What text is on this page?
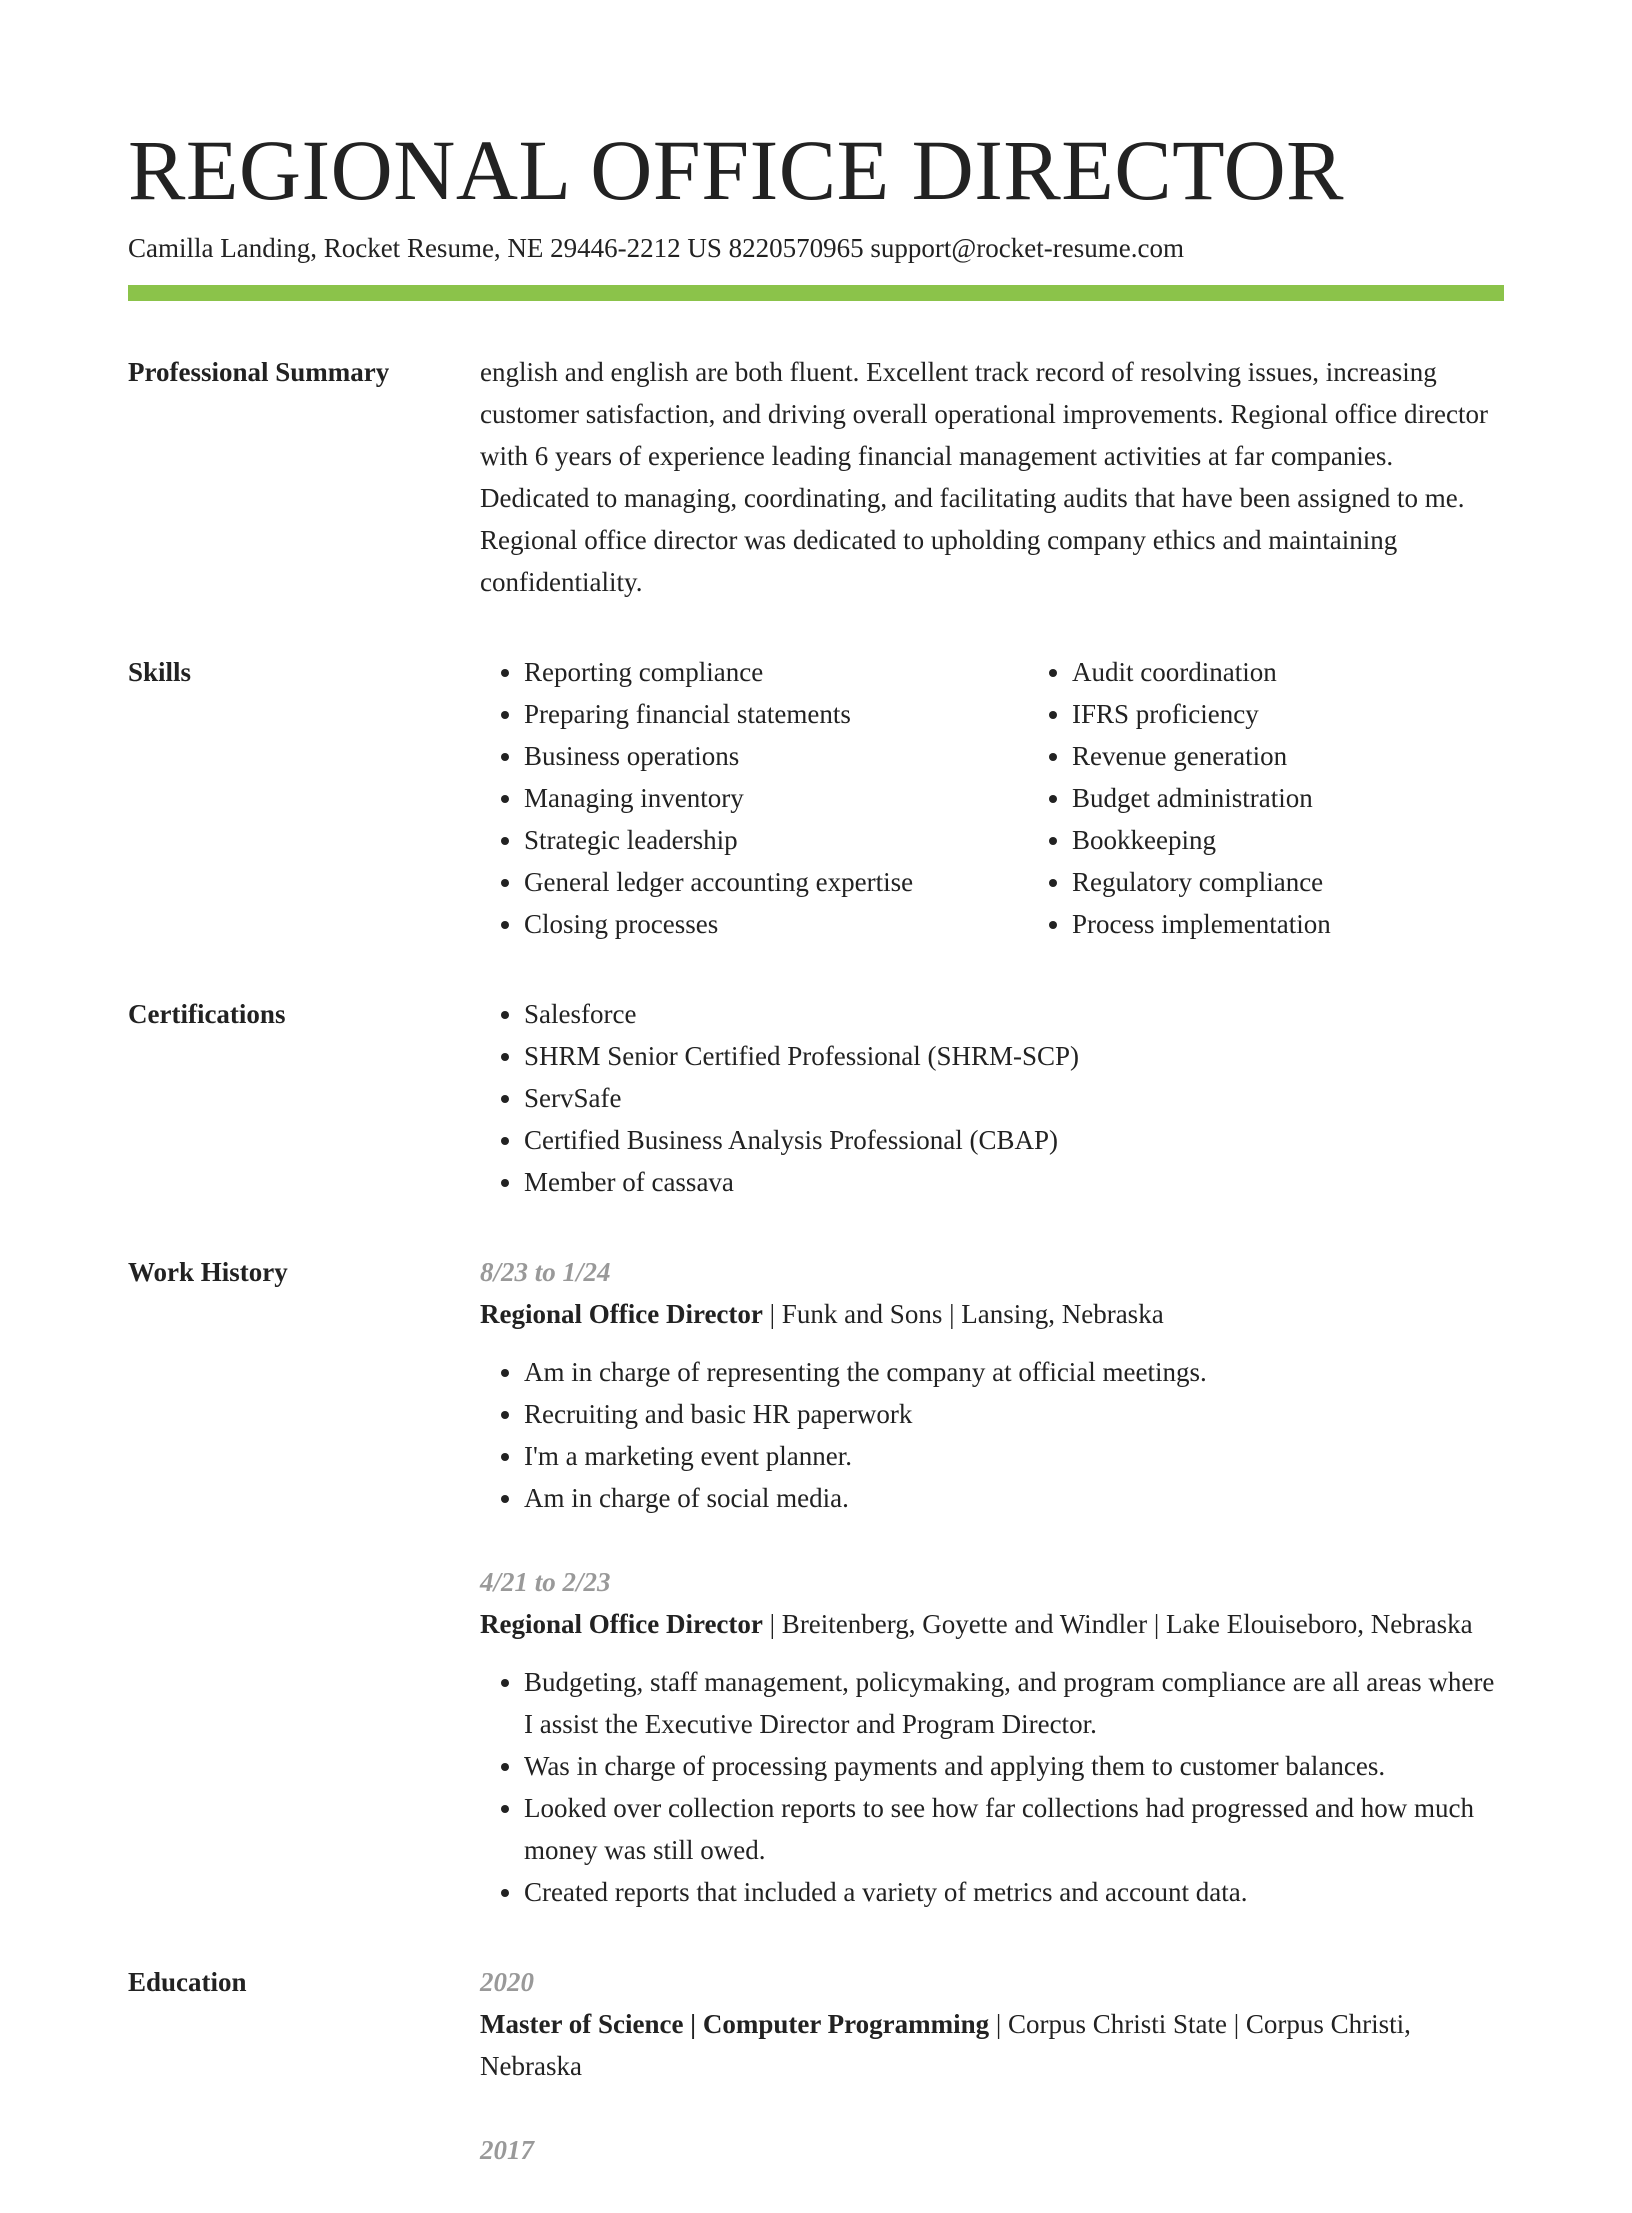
REGIONAL OFFICE DIRECTOR
Camilla Landing, Rocket Resume, NE 29446-2212 US 8220570965 support@rocket-resume.com
Professional Summary	english and english are both fluent. Excellent track record of resolving issues, increasing customer satisfaction, and driving overall operational improvements. Regional office director with 6 years of experience leading financial management activities at far companies. Dedicated to managing, coordinating, and facilitating audits that have been assigned to me. Regional office director was dedicated to upholding company ethics and maintaining confidentiality.

Skills	• Reporting compliance
• Preparing financial statements
• Business operations
• Managing inventory
• Strategic leadership
• General ledger accounting expertise
• Closing processes
• Audit coordination
• IFRS proficiency
• Revenue generation
• Budget administration
• Bookkeeping
• Regulatory compliance
• Process implementation
Certifications	• Salesforce
• SHRM Senior Certified Professional (SHRM-SCP)
• ServSafe
• Certified Business Analysis Professional (CBAP)
• Member of cassava
Work History	8/23 to 1/24
Regional Office Director | Funk and Sons | Lansing, Nebraska
• Am in charge of representing the company at official meetings.
• Recruiting and basic HR paperwork
• I'm a marketing event planner.
• Am in charge of social media.
4/21 to 2/23
Regional Office Director | Breitenberg, Goyette and Windler | Lake Elouiseboro, Nebraska
• Budgeting, staff management, policymaking, and program compliance are all areas where I assist the Executive Director and Program Director.
• Was in charge of processing payments and applying them to customer balances.
• Looked over collection reports to see how far collections had progressed and how much money was still owed.
• Created reports that included a variety of metrics and account data.
Education	2020
Master of Science | Computer Programming | Corpus Christi State | Corpus Christi, Nebraska
2017
